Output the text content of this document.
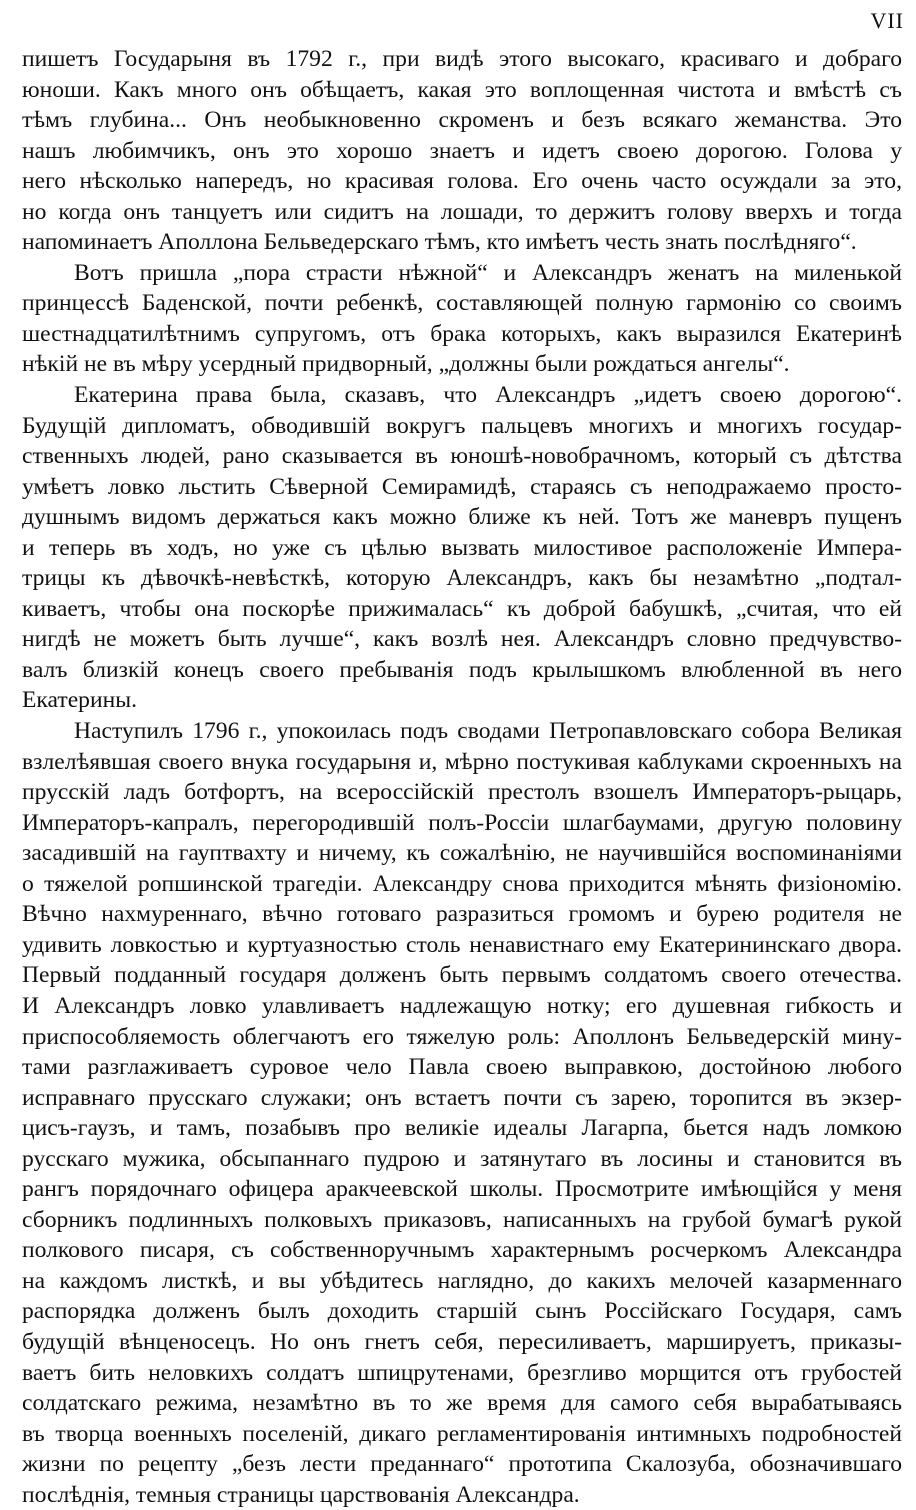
VII
пишетъ Государыня въ 1792 г., при видѣ этого высокаго, красиваго и добраго
юноши. Какъ много онъ обѣщаетъ, какая это воплощенная чистота и вмѣстѣ съ
тѣмъ глубина... Онъ необыкновенно скроменъ и безъ всякаго жеманства. Это
нашъ любимчикъ, онъ это хорошо знаетъ и идетъ своею дорогою. Голова у
него нѣсколько напередъ, но красивая голова. Его очень часто осуждали за это,
но когда онъ танцуетъ или сидитъ на лошади, то держитъ голову вверхъ и тогда
напоминаетъ Аполлона Бельведерскаго тѣмъ, кто имѣетъ честь знать послѣдняго“.
Вотъ пришла „пора страсти нѣжной“ и Александръ женатъ на миленькой
принцессѣ Баденской, почти ребенкѣ, составляющей полную гармонію со своимъ
шестнадцатилѣтнимъ супругомъ, отъ брака которыхъ, какъ выразился Екатеринѣ
нѣкій не въ мѣру усердный придворный, „должны были рождаться ангелы“.
Екатерина права была, сказавъ, что Александръ „идетъ своею дорогою“.
Будущій дипломатъ, обводившій вокругъ пальцевъ многихъ и многихъ государ-
ственныхъ людей, рано сказывается въ юношѣ-новобрачномъ, который съ дѣтства
умѣетъ ловко льстить Сѣверной Семирамидѣ, стараясь съ неподражаемо просто-
душнымъ видомъ держаться какъ можно ближе къ ней. Тотъ же маневръ пущенъ
и теперь въ ходъ, но уже съ цѣлью вызвать милостивое расположеніе Импера-
трицы къ дѣвочкѣ-невѣсткѣ, которую Александръ, какъ бы незамѣтно „подтал-
киваетъ, чтобы она поскорѣе прижималась“ къ доброй бабушкѣ, „считая, что ей
нигдѣ не можетъ быть лучше“, какъ возлѣ нея. Александръ словно предчувство-
валъ близкій конецъ своего пребыванія подъ крылышкомъ влюбленной въ него
Екатерины.
Наступилъ 1796 г., упокоилась подъ сводами Петропавловскаго собора Великая
взлелѣявшая своего внука государыня и, мѣрно постукивая каблуками скроенныхъ на
прусскій ладъ ботфортъ, на всероссійскій престолъ взошелъ Императоръ-рыцарь,
Императоръ-капралъ, перегородившій полъ-Россіи шлагбаумами, другую половину
засадившій на гауптвахту и ничему, къ сожалѣнію, не научившійся воспоминаніями
о тяжелой ропшинской трагедіи. Александру снова приходится мѣнять физіономію.
Вѣчно нахмуреннаго, вѣчно готоваго разразиться громомъ и бурею родителя не
удивить ловкостью и куртуазностью столь ненавистнаго ему Екатерининскаго двора.
Первый подданный государя долженъ быть первымъ солдатомъ своего отечества.
И Александръ ловко улавливаетъ надлежащую нотку; его душевная гибкость и
приспособляемость облегчаютъ его тяжелую роль: Аполлонъ Бельведерскій мину-
тами разглаживаетъ суровое чело Павла своею выправкою, достойною любого
исправнаго прусскаго служаки; онъ встаетъ почти съ зарею, торопится въ экзер-
цисъ-гаузъ, и тамъ, позабывъ про великіе идеалы Лагарпа, бьется надъ ломкою
русскаго мужика, обсыпаннаго пудрою и затянутаго въ лосины и становится въ
рангъ порядочнаго офицера аракчеевской школы. Просмотрите имѣющійся у меня
сборникъ подлинныхъ полковыхъ приказовъ, написанныхъ на грубой бумагѣ рукой
полкового писаря, съ собственноручнымъ характернымъ росчеркомъ Александра
на каждомъ листкѣ, и вы убѣдитесь наглядно, до какихъ мелочей казарменнаго
распорядка долженъ былъ доходить старшій сынъ Россійскаго Государя, самъ
будущій вѣнценосецъ. Но онъ гнетъ себя, пересиливаетъ, маршируетъ, приказы-
ваетъ бить неловкихъ солдатъ шпицрутенами, брезгливо морщится отъ грубостей
солдатскаго режима, незамѣтно въ то же время для самого себя вырабатываясь
въ творца военныхъ поселеній, дикаго регламентированія интимныхъ подробностей
жизни по рецепту „безъ лести преданнаго“ прототипа Скалозуба, обозначившаго
послѣднія, темныя страницы царствованія Александра.
